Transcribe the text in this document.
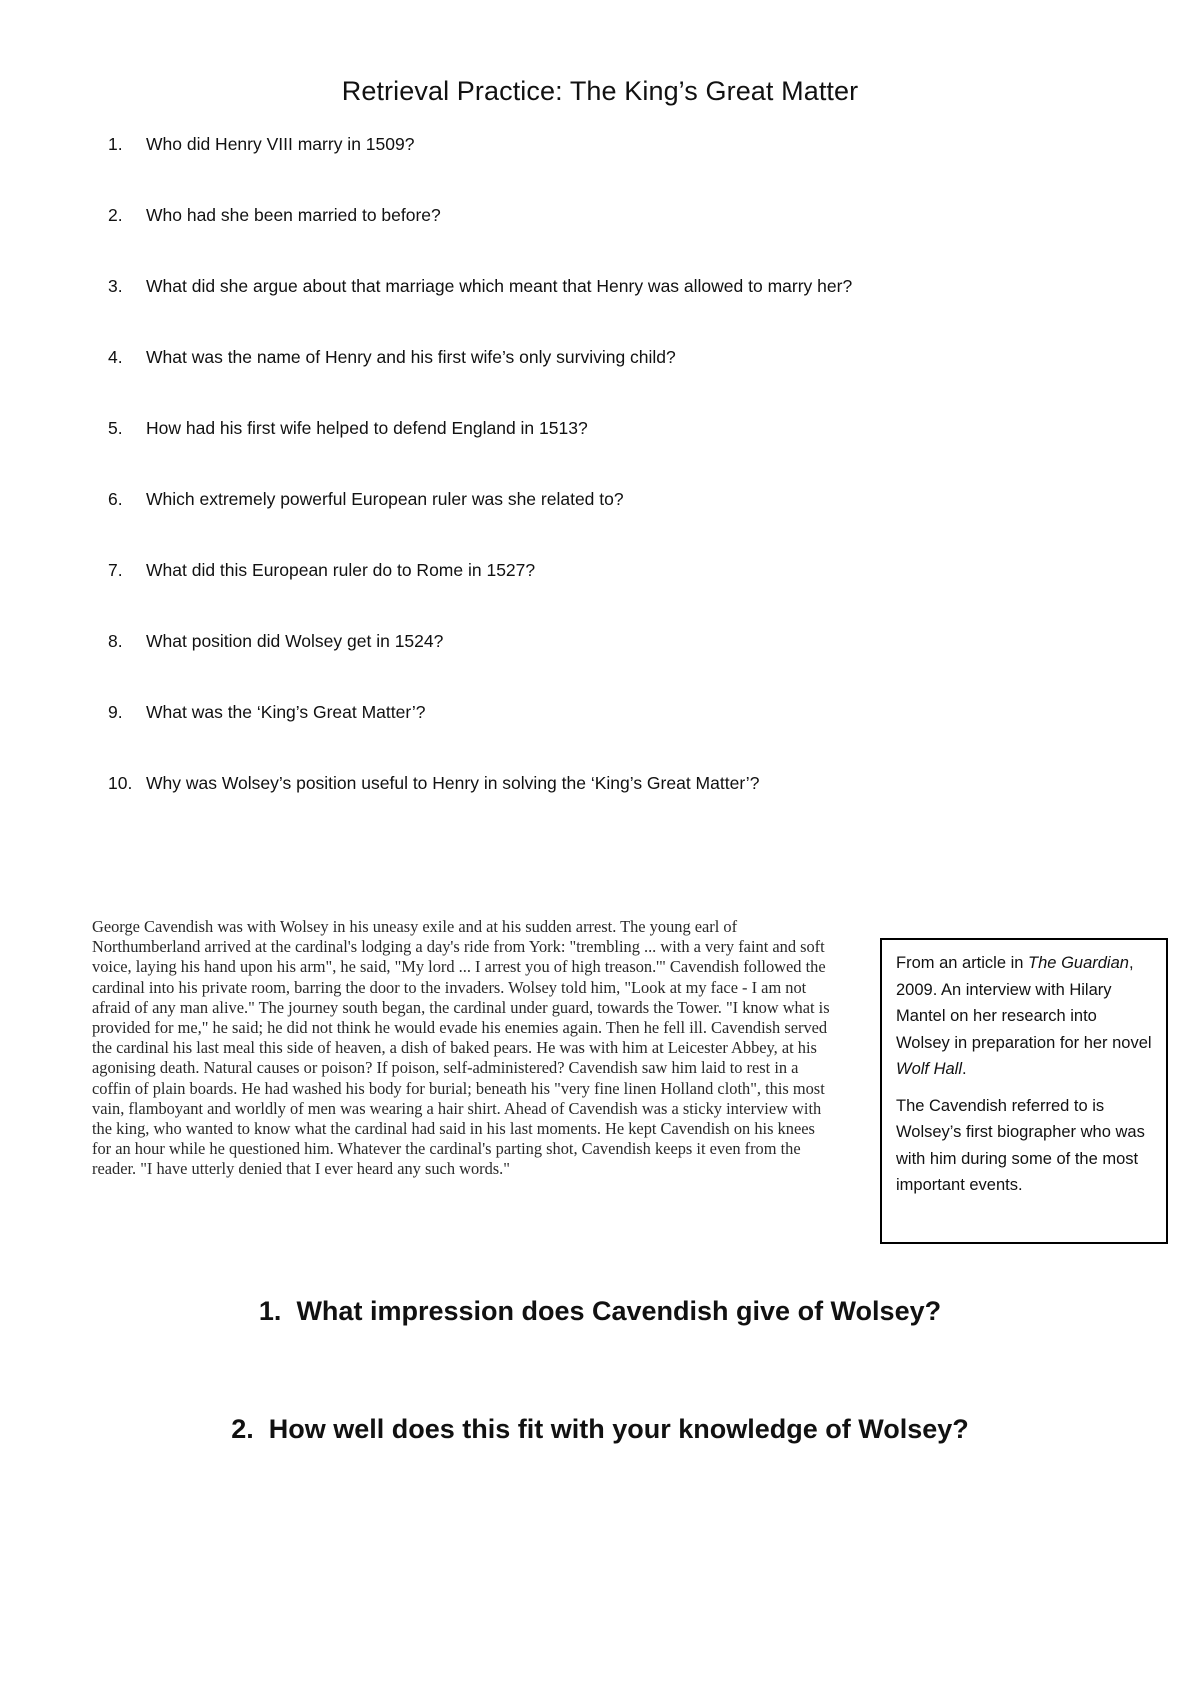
Retrieval Practice: The King’s Great Matter
1. Who did Henry VIII marry in 1509?
2. Who had she been married to before?
3. What did she argue about that marriage which meant that Henry was allowed to marry her?
4. What was the name of Henry and his first wife’s only surviving child?
5. How had his first wife helped to defend England in 1513?
6. Which extremely powerful European ruler was she related to?
7. What did this European ruler do to Rome in 1527?
8. What position did Wolsey get in 1524?
9. What was the ‘King’s Great Matter’?
10. Why was Wolsey’s position useful to Henry in solving the ‘King’s Great Matter’?

George Cavendish was with Wolsey in his uneasy exile and at his sudden arrest. The young earl of Northumberland arrived at the cardinal's lodging a day's ride from York: "trembling ... with a very faint and soft voice, laying his hand upon his arm", he said, "My lord ... I arrest you of high treason.'" Cavendish followed the cardinal into his private room, barring the door to the invaders. Wolsey told him, "Look at my face - I am not afraid of any man alive." The journey south began, the cardinal under guard, towards the Tower. "I know what is provided for me," he said; he did not think he would evade his enemies again. Then he fell ill. Cavendish served the cardinal his last meal this side of heaven, a dish of baked pears. He was with him at Leicester Abbey, at his agonising death. Natural causes or poison? If poison, self-administered? Cavendish saw him laid to rest in a coffin of plain boards. He had washed his body for burial; beneath his "very fine linen Holland cloth", this most vain, flamboyant and worldly of men was wearing a hair shirt. Ahead of Cavendish was a sticky interview with the king, who wanted to know what the cardinal had said in his last moments. He kept Cavendish on his knees for an hour while he questioned him. Whatever the cardinal's parting shot, Cavendish keeps it even from the reader. "I have utterly denied that I ever heard any such words."

From an article in The Guardian, 2009. An interview with Hilary Mantel on her research into Wolsey in preparation for her novel Wolf Hall.

The Cavendish referred to is Wolsey’s first biographer who was with him during some of the most important events.

1. What impression does Cavendish give of Wolsey?
2. How well does this fit with your knowledge of Wolsey?
